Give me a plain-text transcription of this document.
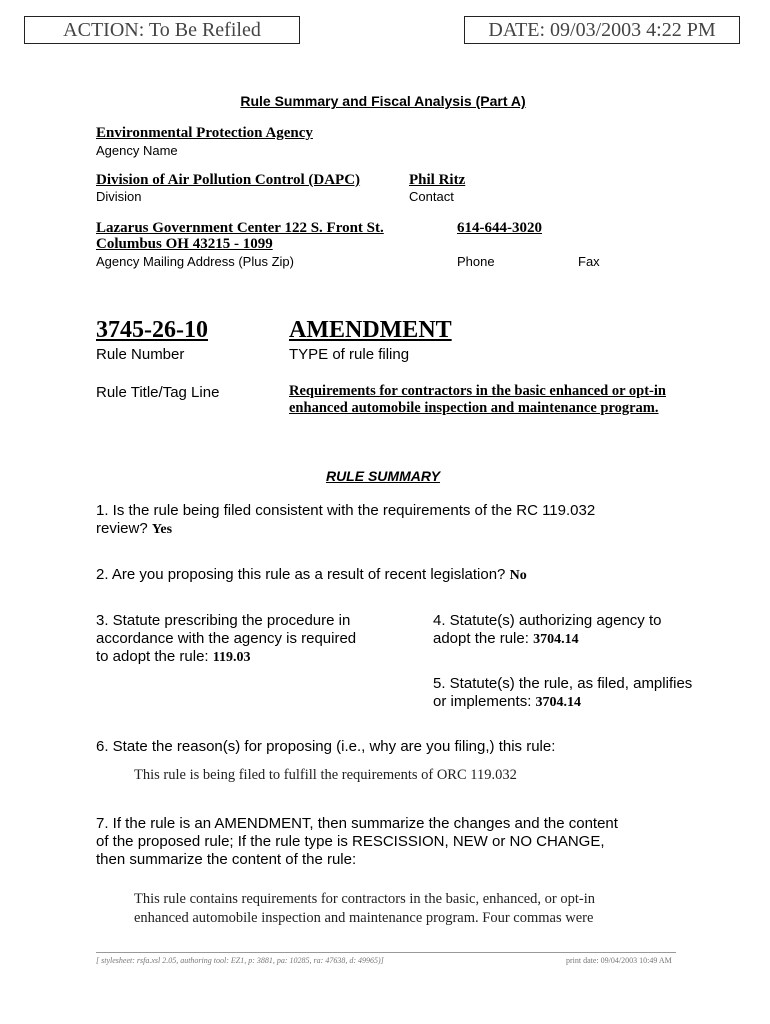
ACTION: To Be Refiled	DATE: 09/03/2003 4:22 PM
Rule Summary and Fiscal Analysis (Part A)
Environmental Protection Agency
Agency Name
Division of Air Pollution Control (DAPC)
Division
Phil Ritz
Contact
Lazarus Government Center 122 S. Front St.
Columbus OH 43215 - 1099
Agency Mailing Address (Plus Zip)
614-644-3020
Phone	Fax
3745-26-10
Rule Number
AMENDMENT
TYPE of rule filing
Rule Title/Tag Line	Requirements for contractors in the basic enhanced or opt-in
enhanced automobile inspection and maintenance program.
RULE SUMMARY
1. Is the rule being filed consistent with the requirements of the RC 119.032
review? Yes
2. Are you proposing this rule as a result of recent legislation? No
3. Statute prescribing the procedure in
accordance with the agency is required
to adopt the rule: 119.03
4. Statute(s) authorizing agency to
adopt the rule: 3704.14
5. Statute(s) the rule, as filed, amplifies
or implements: 3704.14
6. State the reason(s) for proposing (i.e., why are you filing,) this rule:
This rule is being filed to fulfill the requirements of ORC 119.032
7. If the rule is an AMENDMENT, then summarize the changes and the content
of the proposed rule; If the rule type is RESCISSION, NEW or NO CHANGE,
then summarize the content of the rule:
This rule contains requirements for contractors in the basic, enhanced, or opt-in
enhanced automobile inspection and maintenance program. Four commas were
[ stylesheet: rsfa.xsl 2.05, authoring tool: EZ1, p: 3881, pa: 10285, ra: 47638, d: 49965)]	print date: 09/04/2003 10:49 AM
